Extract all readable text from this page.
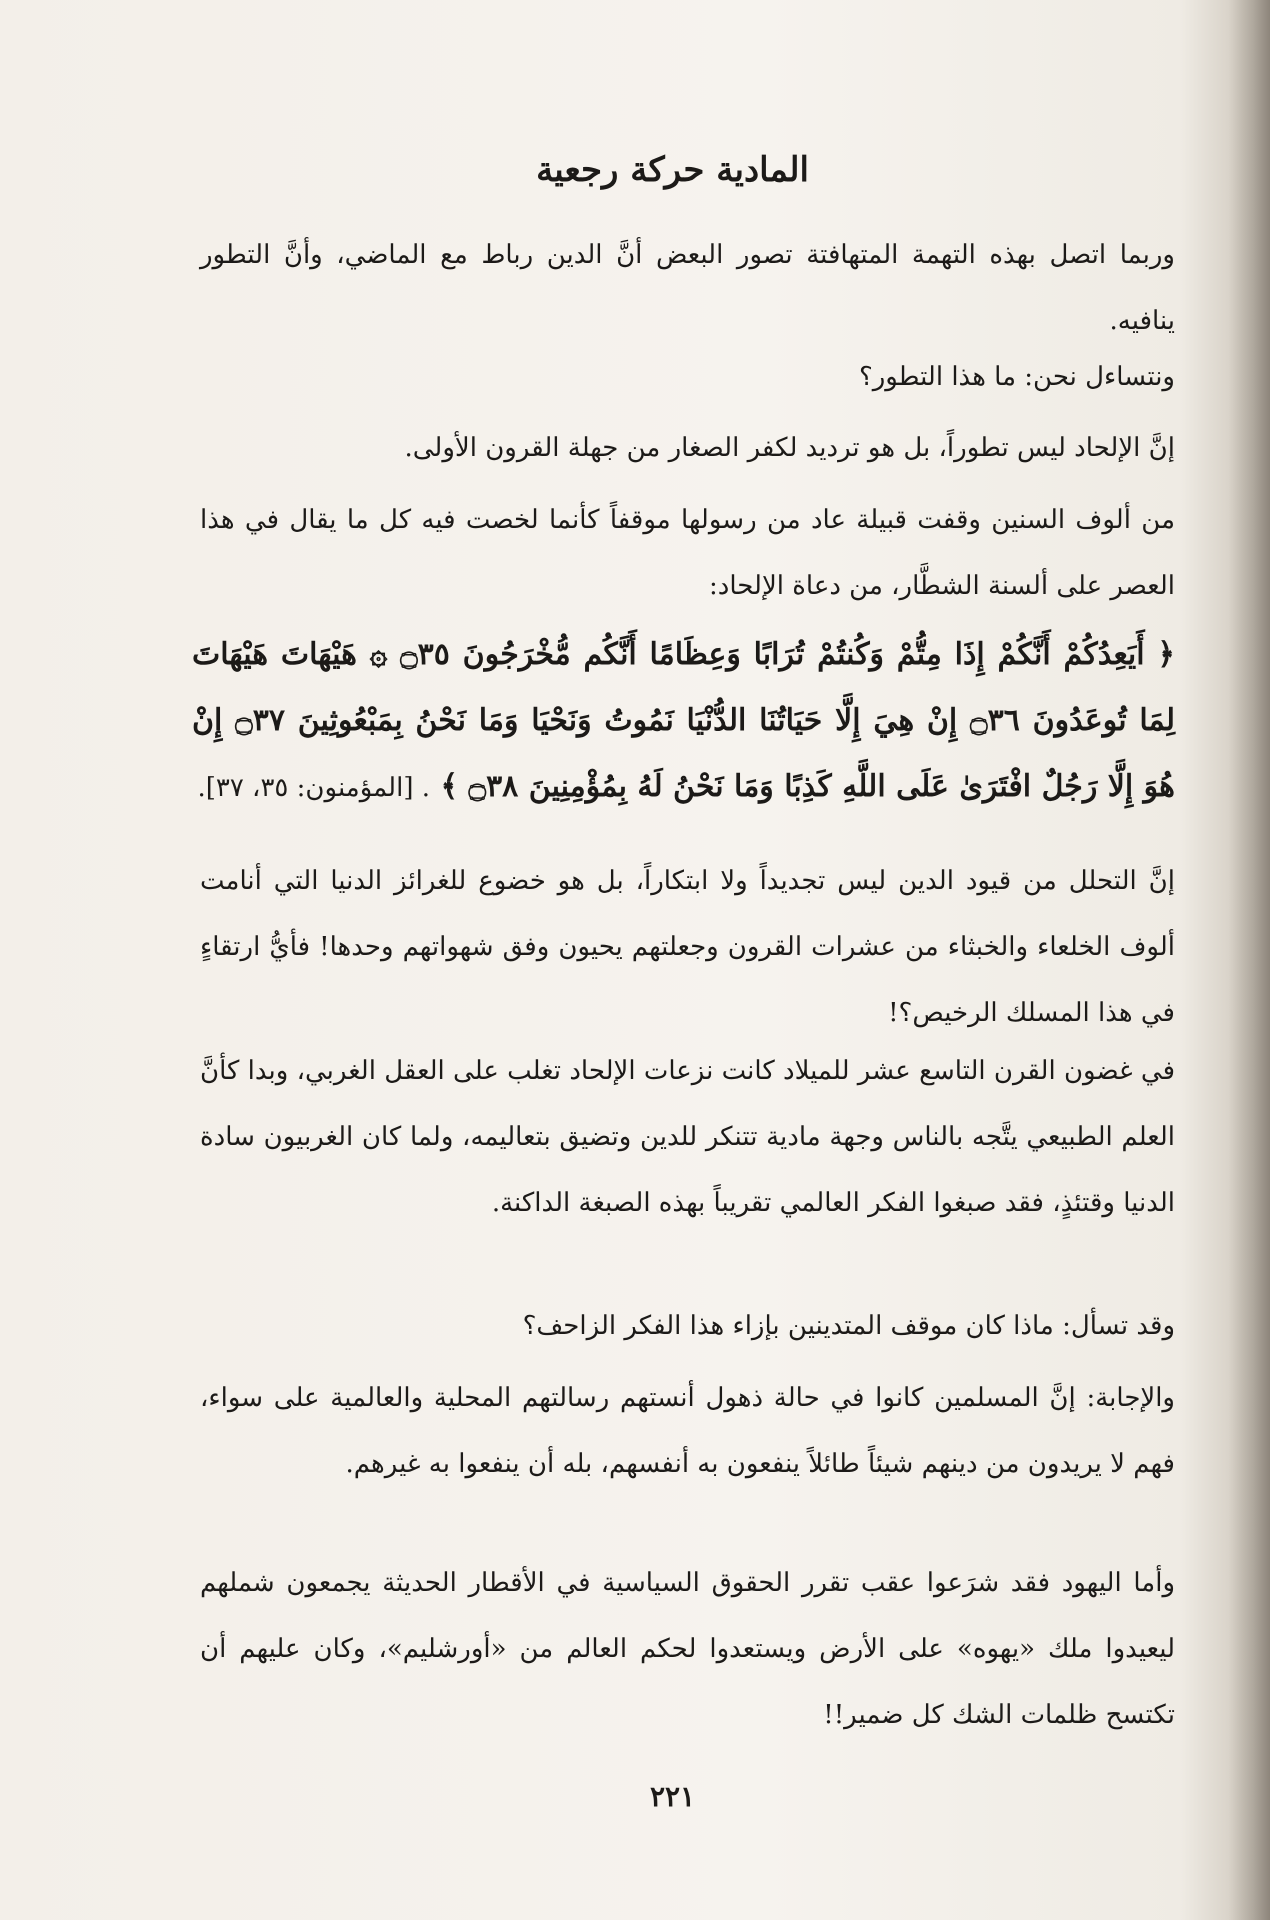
المادية حركة رجعية
وربما اتصل بهذه التهمة المتهافتة تصور البعض أنَّ الدين رباط مع الماضي، وأنَّ التطور ينافيه.
ونتساءل نحن: ما هذا التطور؟
إنَّ الإلحاد ليس تطوراً، بل هو ترديد لكفر الصغار من جهلة القرون الأولى.
من ألوف السنين وقفت قبيلة عاد من رسولها موقفاً كأنما لخصت فيه كل ما يقال في هذا العصر على ألسنة الشطَّار، من دعاة الإلحاد:
﴿ أَيَعِدُكُمْ أَنَّكُمْ إِذَا مِتُّمْ وَكُنتُمْ تُرَابًا وَعِظَامًا أَنَّكُم مُّخْرَجُونَ ۝٣٥ ۞ هَيْهَاتَ هَيْهَاتَ لِمَا تُوعَدُونَ ۝٣٦ إِنْ هِيَ إِلَّا حَيَاتُنَا الدُّنْيَا نَمُوتُ وَنَحْيَا وَمَا نَحْنُ بِمَبْعُوثِينَ ۝٣٧ إِنْ هُوَ إِلَّا رَجُلٌ افْتَرَىٰ عَلَى اللَّهِ كَذِبًا وَمَا نَحْنُ لَهُ بِمُؤْمِنِينَ ۝٣٨ ﴾ . [المؤمنون: ٣٥، ٣٧].
إنَّ التحلل من قيود الدين ليس تجديداً ولا ابتكاراً، بل هو خضوع للغرائز الدنيا التي أنامت ألوف الخلعاء والخبثاء من عشرات القرون وجعلتهم يحيون وفق شهواتهم وحدها! فأيُّ ارتقاءٍ في هذا المسلك الرخيص؟!
في غضون القرن التاسع عشر للميلاد كانت نزعات الإلحاد تغلب على العقل الغربي، وبدا كأنَّ العلم الطبيعي يتَّجه بالناس وجهة مادية تتنكر للدين وتضيق بتعاليمه، ولما كان الغربيون سادة الدنيا وقتئذٍ، فقد صبغوا الفكر العالمي تقريباً بهذه الصبغة الداكنة.
وقد تسأل: ماذا كان موقف المتدينين بإزاء هذا الفكر الزاحف؟
والإجابة: إنَّ المسلمين كانوا في حالة ذهول أنستهم رسالتهم المحلية والعالمية على سواء، فهم لا يريدون من دينهم شيئاً طائلاً ينفعون به أنفسهم، بله أن ينفعوا به غيرهم.
وأما اليهود فقد شرَعوا عقب تقرر الحقوق السياسية في الأقطار الحديثة يجمعون شملهم ليعيدوا ملك «يهوه» على الأرض ويستعدوا لحكم العالم من «أورشليم»، وكان عليهم أن تكتسح ظلمات الشك كل ضمير!!
٢٢١
